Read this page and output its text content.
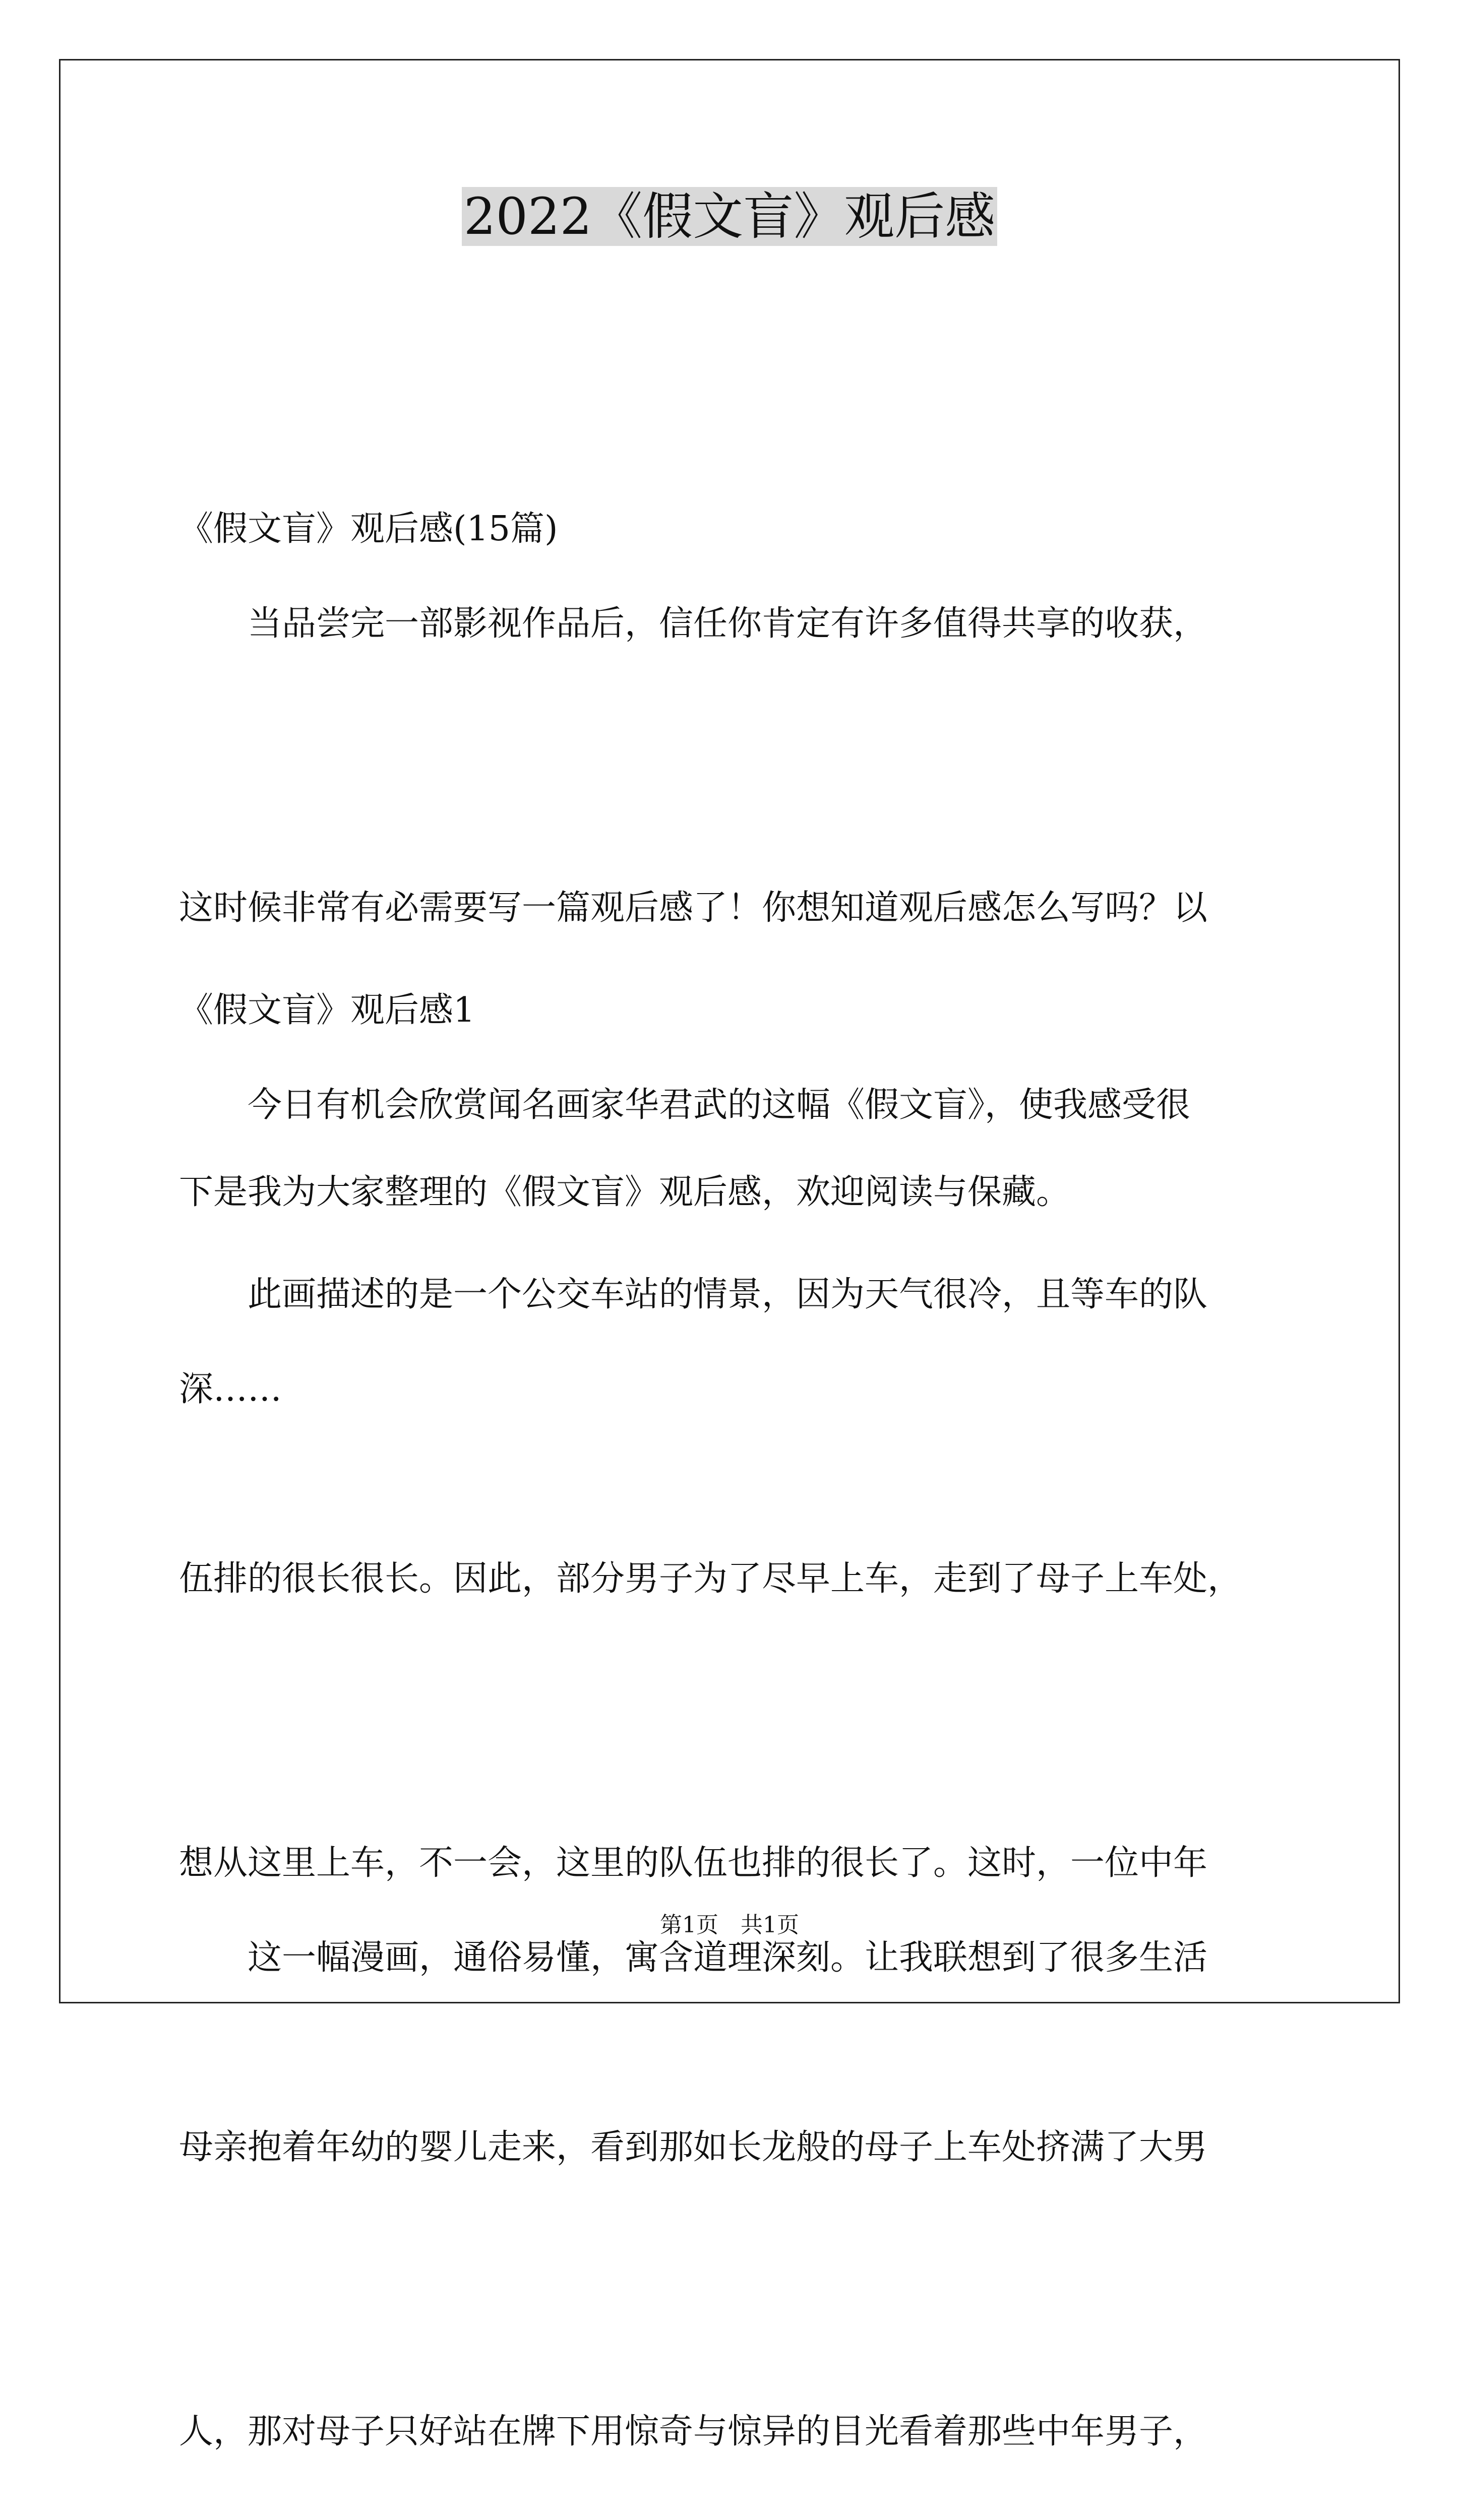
2022《假文盲》观后感

《假文盲》观后感(15篇)

　　当品尝完一部影视作品后，信任你肯定有许多值得共享的收获，

这时候非常有必需要写一篇观后感了！你想知道观后感怎么写吗？以

下是我为大家整理的《假文盲》观后感，欢迎阅读与保藏。

《假文盲》观后感1

　　今日有机会欣赏闻名画家华君武的这幅《假文盲》，使我感受很

深……

　　此画描述的是一个公交车站的情景，因为天气很冷，且等车的队

伍排的很长很长。因此，部分男子为了尽早上车，走到了母子上车处，

想从这里上车，不一会，这里的队伍也排的很长了。这时，一位中年

母亲抱着年幼的婴儿走来，看到那如长龙般的母子上车处挤满了大男

人，那对母子只好站在牌下用惊奇与惊异的目光看着那些中年男子，

　　这一幅漫画，通俗易懂，寓含道理深刻。让我联想到了很多生活

第1页　共1页
